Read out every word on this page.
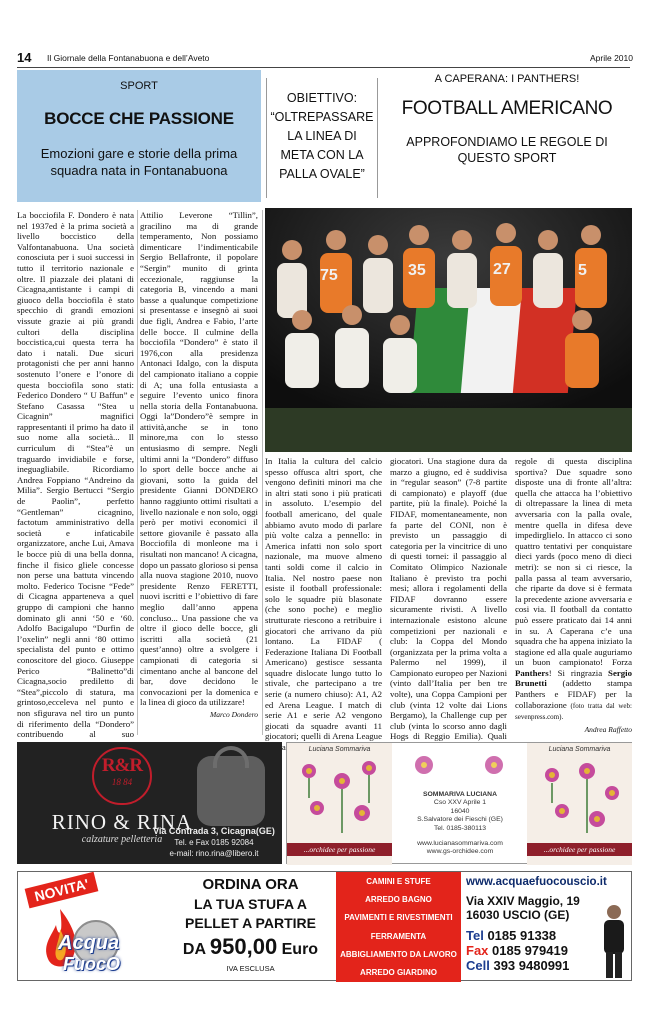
14 Il Giornale della Fontanabuona e dell’Aveto	Aprile 2010
SPORT
BOCCE CHE PASSIONE
Emozioni gare e storie della prima squadra nata in Fontanabuona
OBIETTIVO:
“OLTREPASSARE
LA LINEA DI
META CON LA
PALLA OVALE”
A CAPERANA: I PANTHERS!
FOOTBALL AMERICANO
APPROFONDIAMO LE REGOLE DI QUESTO SPORT

La bocciofila F. Dondero è nata nel 1937ed è la prima società a livello boccistico della Valfontanabuona. Una società conosciuta per i suoi successi in tutto il territorio nazionale e oltre. Il piazzale dei platani di Cicagna,antistante i campi di giuoco della bocciofila è stato specchio di grandi emozioni vissute grazie ai più grandi cultori della disciplina boccistica,cui questa terra ha dato i natali. Due sicuri protagonisti che per anni hanno sostenuto l’onere e l’onore di questa bocciofila sono stati: Federico Dondero “ U Baffun” e Stefano Casassa “Stea u Cicagnin” magnifici rappresentanti il primo ha dato il suo nome alla società... Il curriculum di “Stea”è un traguardo invidiabile e forse, ineguagliabile. Ricordiamo Andrea Foppiano “Andreino da Milia”. Sergio Bertucci “Sergio de Paolin”, perfetto “Gentleman” cicagnino, factotum amministrativo della società e infaticabile organizzatore, anche Lui, Amava le bocce più di una bella donna, finche il fisico gliele concesse non perse una battuta vincendo molto. Federico Tocisne “Fede” di Cicagna appartenevа a quel gruppo di campioni che hanno dominato gli anni ‘50 e ‘60. Adolfo Bacigalupo “Durfin de l’oxelin” negli anni ‘80 ottimo specialista del punto e ottimo conoscitore del gioco. Giuseppe Perico “Balinetto”di Cicagna,socio prediletto di “Stea”,piccolo di statura, ma grintoso,eccelevа nel punto e non sfigurava nel tiro un punto di riferimento della “Dondero” contribuendo al suo

Attilio Leverone “Tillin”, gracilino ma di grande temperamento, Non possiamo dimenticare l’indimenticabile Sergio Bellafronte, il popolare “Sergin” munito di grinta eccezionale, raggiunse la categoria B, vincendo a mani basse a qualunque competizione si presentasse e insegnò ai suoi due figli, Andrea e Fabio, l’arte delle bocce. Il culmine della bocciofila “Dondero” è stato il 1976,con alla presidenza Antonaci Idalgo, con la disputa del campionato italiano a coppie di A; una folla entusiasta a seguire l’evento unico finora nella storia della Fontanabuona. Oggi la”Dondero”è sempre in attività,anche se in tono minore,ma con lo stesso entusiasmo di sempre. Negli ultimi anni la “Dondero” diffuso lo sport delle bocce anche ai giovani, sotto la guida del presidente Gianni DONDERO hanno raggiunto ottimi risultati a livello nazionale e non solo, oggi però per motivi economici il settore giovanile è passato alla Bocciofila di monleone ma i risultati non mancano! A cicagna, dopo un passato glorioso si pensa alla nuova stagione 2010, nuovo presidente Renzo FERETTI, nuovi iscritti e l’obiettivo di fare meglio dall’anno appena concluso... Una passione che va oltre il gioco delle bocce, gli iscritti alla società (21 quest’anno) oltre a svolgere i campionati di categoria si cimentano anche al bancone del bar, dove decidono le convocazioni per la domenica e la linea di gioco da utilizzare!

Marco Dondero
75	35	27	5

In Italia la cultura del calcio spesso offusca altri sport, che vengono definiti minori ma che in altri stati sono i più praticati in assoluto. L’esempio del football americano, del quale abbiamo avuto modo di parlare più volte calza a pennello: in America infatti non solo sport nazionale, ma muove almeno tanti soldi come il calcio in Italia. Nel nostro paese non esiste il football professionale: solo le squadre più blasonate (che sono poche) e meglio strutturate riescono a retribuire i giocatori che arrivano da più lontano. La FIDAF ( Federazione Italiana Di Football Americano) gestisce sessanta squadre dislocate lungo tutto lo stivale, che partecipano a tre serie (a numero chiuso): A1, A2 ed Arena League. I match di serie A1 e serie A2 vengono giocati da squadre avanti 11 giocatori; quelli di Arena League team

giocatori. Una stagione dura da marzo a giugno, ed è suddivisa in “regular season” (7-8 partite di campionato) e playoff (due partite, più la finale). Poiché la FIDAF, momentaneamente, non fa parte del CONI, non è previsto un passaggio di categoria per la vincitrice di uno di questi tornei: il passaggio al Comitato Olimpico Nazionale Italiano è previsto tra pochi mesi; allora i regolamenti della FIDAF dovranno essere sicuramente rivisti. A livello internazionale esistono alcune competizioni per nazionali e club: la Coppa del Mondo (organizzata per la prima volta a Palermo nel 1999), il Campionato europeo per Nazioni (vinto dall’Italia per ben tre volte), una Coppa Campioni per club (vinta 12 volte dai Lions Bergamo), la Challenge cup per club (vinta lo scorso anno dagli Hogs di Reggio Emilia). Quali

regole di questa disciplina sportiva? Due squadre sono disposte una di fronte all’altra: quella che attacca ha l’obiettivo di oltrepassare la linea di meta avversaria con la palla ovale, mentre quella in difesa deve impedirglielo. In attacco ci sono quattro tentativi per conquistare dieci yards (poco meno di dieci metri): se non si ci riesce, la palla passa al team avversario, che riparte da dove si è fermata la precedente azione avversaria e cosi via. Il football da contatto può essere praticato dai 14 anni in su. A Caperana c’e una squadra che ha appena iniziato la stagione ed alla quale auguriamo un buon campionato! Forza Panthers! Si ringrazia Sergio Brunetti (addetto stampa Panthers e FIDAF) per la collaborazione (foto tratta dal web: sevenpress.com).

Andrea Raffetto
R&R
18 84
RINO & RINA
calzature pelletteria
Via Contrada 3, Cicagna(GE)
Tel. e Fax 0185 92084
e-mail: rino.rina@libero.it
Luciana Sommariva
...orchidee per passione
SOMMARIVA LUCIANA
Cso XXV Aprile 1
16040
S.Salvatore dei Fieschi (GE)
Tel. 0185-380113
www.lucianasommariva.com
www.gs-orchidee.com
Luciana Sommariva
...orchidee per passione
NOVITA'
Acqua
FuocO
ORDINA ORA
LA TUA STUFA A
PELLET A PARTIRE
DA 950,00 Euro
IVA ESCLUSA
CAMINI E STUFE
ARREDO BAGNO
PAVIMENTI E RIVESTIMENTI
FERRAMENTA
ABBIGLIAMENTO DA LAVORO
ARREDO GIARDINO
www.acquaefuocouscio.it
Via XXIV Maggio, 19
16030 USCIO (GE)
Tel 0185 91338
Fax 0185 979419
Cell 393 9480991
